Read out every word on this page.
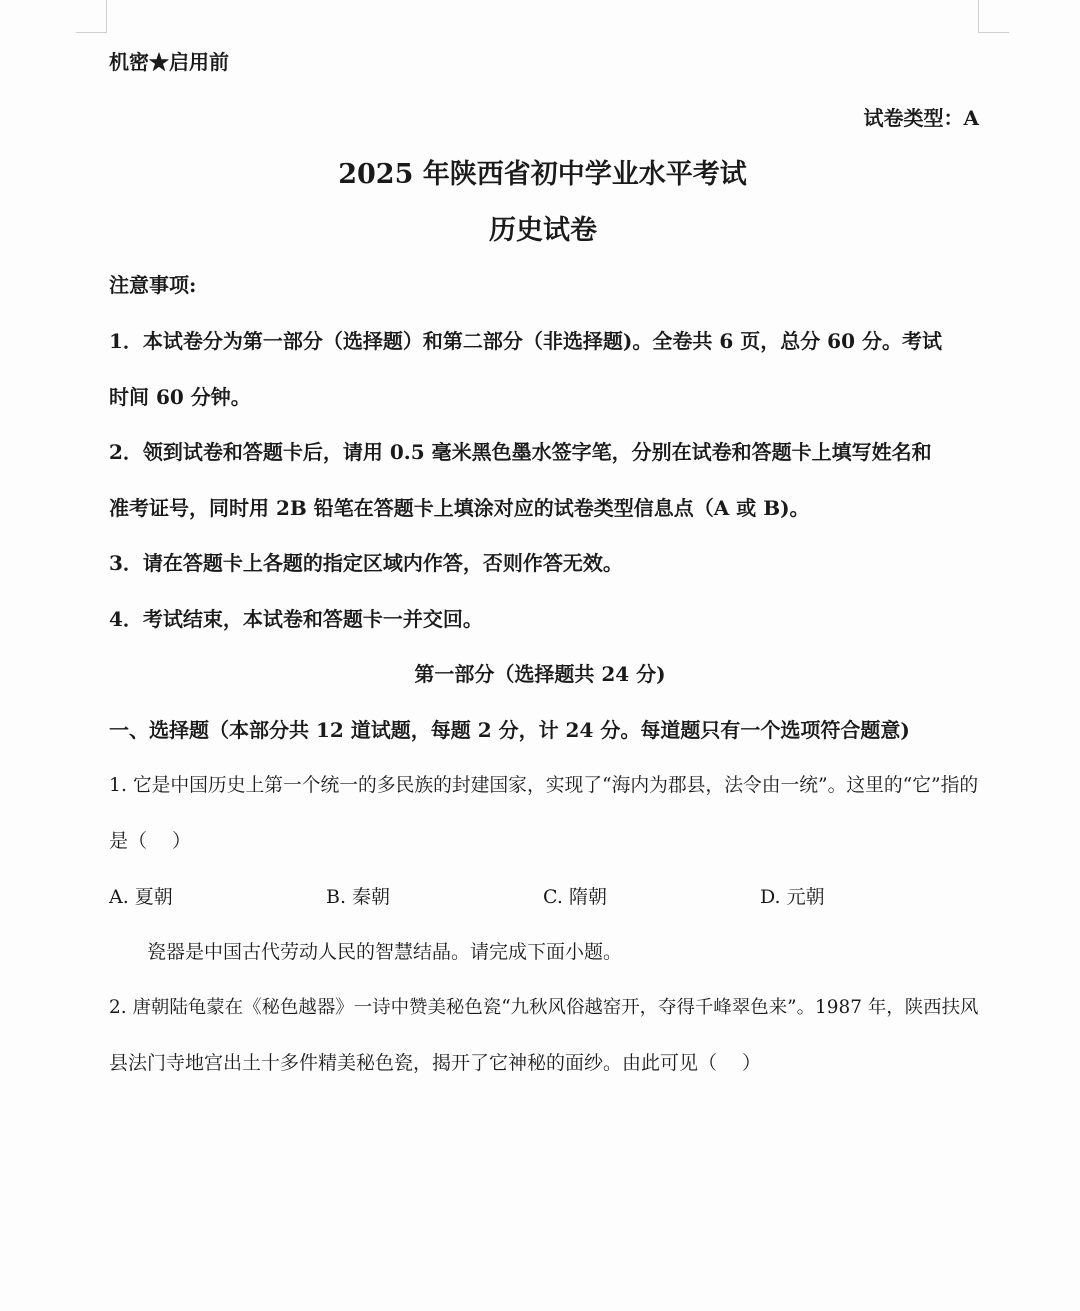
机密★启用前
试卷类型：A
2025 年陕西省初中学业水平考试
历史试卷
注意事项:
1．本试卷分为第一部分（选择题）和第二部分（非选择题)。全卷共 6 页，总分 60 分。考试
时间 60 分钟。
2．领到试卷和答题卡后，请用 0.5 毫米黑色墨水签字笔，分别在试卷和答题卡上填写姓名和
准考证号，同时用 2B 铅笔在答题卡上填涂对应的试卷类型信息点（A 或 B)。
3．请在答题卡上各题的指定区域内作答，否则作答无效。
4．考试结束，本试卷和答题卡一并交回。
第一部分（选择题共 24 分)
一、选择题（本部分共 12 道试题，每题 2 分，计 24 分。每道题只有一个选项符合题意)
1. 它是中国历史上第一个统一的多民族的封建国家，实现了“海内为郡县，法令由一统”。这里的“它”指的
是（　 ）
A. 夏朝	B. 秦朝	C. 隋朝	D. 元朝
瓷器是中国古代劳动人民的智慧结晶。请完成下面小题。
2. 唐朝陆龟蒙在《秘色越器》一诗中赞美秘色瓷“九秋风俗越窑开，夺得千峰翠色来”。1987 年，陕西扶风
县法门寺地宫出土十多件精美秘色瓷，揭开了它神秘的面纱。由此可见（　 ）
